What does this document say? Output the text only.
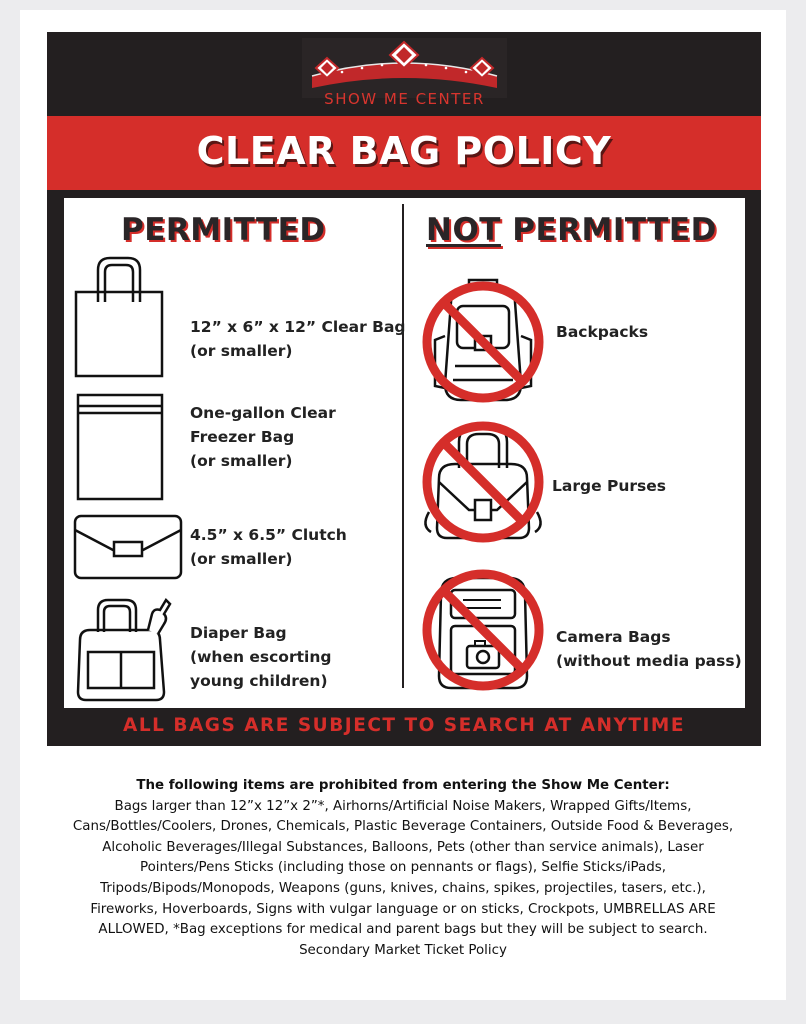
SHOW ME CENTER
CLEAR BAG POLICY
PERMITTED	NOT PERMITTED
12” x 6” x 12” Clear Bag
(or smaller)
One-gallon Clear
Freezer Bag
(or smaller)
4.5” x 6.5” Clutch
(or smaller)
Diaper Bag
(when escorting
young children)
Backpacks
Large Purses
Camera Bags
(without media pass)
ALL BAGS ARE SUBJECT TO SEARCH AT ANYTIME
The following items are prohibited from entering the Show Me Center:
Bags larger than 12”x 12”x 2”*, Airhorns/Artificial Noise Makers, Wrapped Gifts/Items,
Cans/Bottles/Coolers, Drones, Chemicals, Plastic Beverage Containers, Outside Food & Beverages,
Alcoholic Beverages/Illegal Substances, Balloons, Pets (other than service animals), Laser
Pointers/Pens Sticks (including those on pennants or flags), Selfie Sticks/iPads,
Tripods/Bipods/Monopods, Weapons (guns, knives, chains, spikes, projectiles, tasers, etc.),
Fireworks, Hoverboards, Signs with vulgar language or on sticks, Crockpots, UMBRELLAS ARE
ALLOWED, *Bag exceptions for medical and parent bags but they will be subject to search.
Secondary Market Ticket Policy
